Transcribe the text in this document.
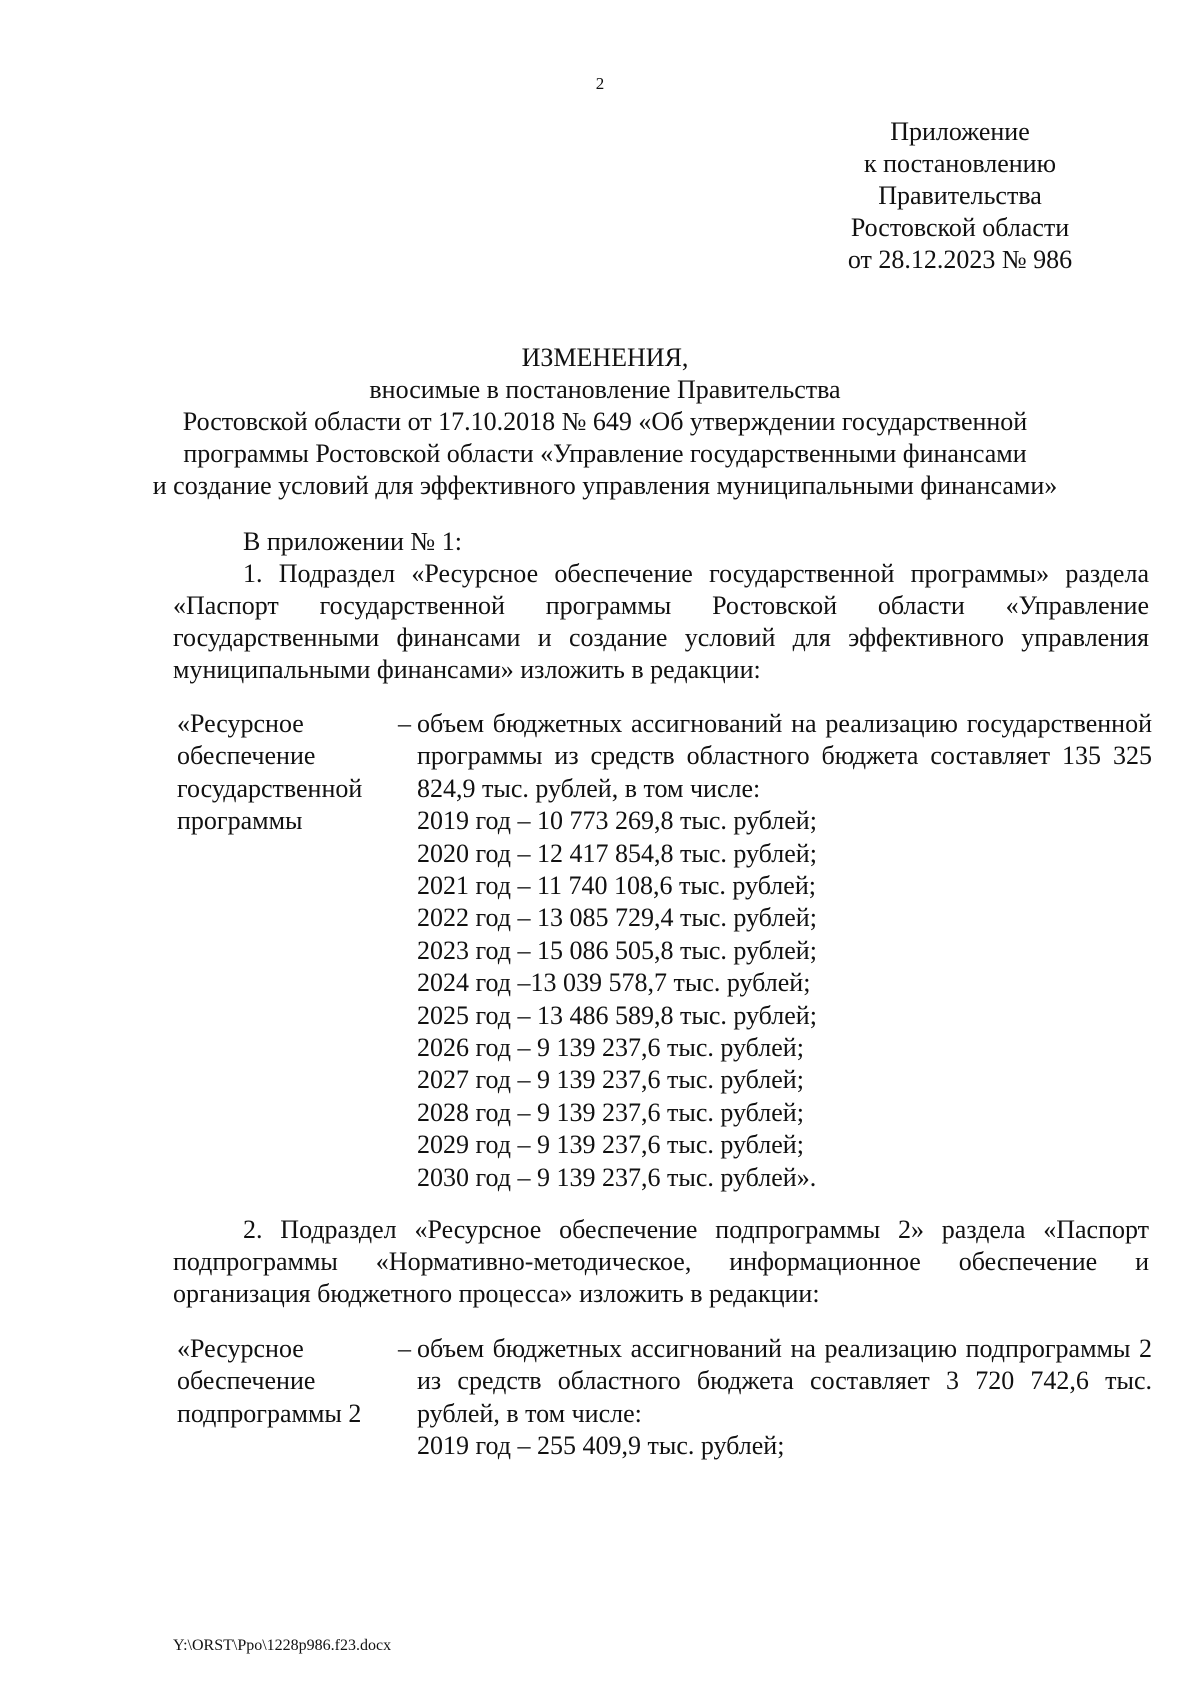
2
Приложение
к постановлению
Правительства
Ростовской области
от 28.12.2023 № 986
ИЗМЕНЕНИЯ,
вносимые в постановление Правительства
Ростовской области от 17.10.2018 № 649 «Об утверждении государственной
программы Ростовской области «Управление государственными финансами
и создание условий для эффективного управления муниципальными финансами»
В приложении № 1:
1. Подраздел «Ресурсное обеспечение государственной программы» раздела «Паспорт государственной программы Ростовской области «Управление государственными финансами и создание условий для эффективного управления муниципальными финансами» изложить в редакции:
«Ресурсное
обеспечение
государственной
программы
– объем бюджетных ассигнований на реализацию государственной программы из средств областного бюджета составляет 135 325 824,9 тыс. рублей, в том числе:
2019 год – 10 773 269,8 тыс. рублей;
2020 год – 12 417 854,8 тыс. рублей;
2021 год – 11 740 108,6 тыс. рублей;
2022 год – 13 085 729,4 тыс. рублей;
2023 год – 15 086 505,8 тыс. рублей;
2024 год –13 039 578,7 тыс. рублей;
2025 год – 13 486 589,8 тыс. рублей;
2026 год – 9 139 237,6 тыс. рублей;
2027 год – 9 139 237,6 тыс. рублей;
2028 год – 9 139 237,6 тыс. рублей;
2029 год – 9 139 237,6 тыс. рублей;
2030 год – 9 139 237,6 тыс. рублей».
2. Подраздел «Ресурсное обеспечение подпрограммы 2» раздела «Паспорт подпрограммы «Нормативно-методическое, информационное обеспечение и организация бюджетного процесса» изложить в редакции:
«Ресурсное
обеспечение
подпрограммы 2
– объем бюджетных ассигнований на реализацию подпрограммы 2 из средств областного бюджета составляет 3 720 742,6 тыс. рублей, в том числе:
2019 год – 255 409,9 тыс. рублей;
Y:\ORST\Ppo\1228p986.f23.docx
